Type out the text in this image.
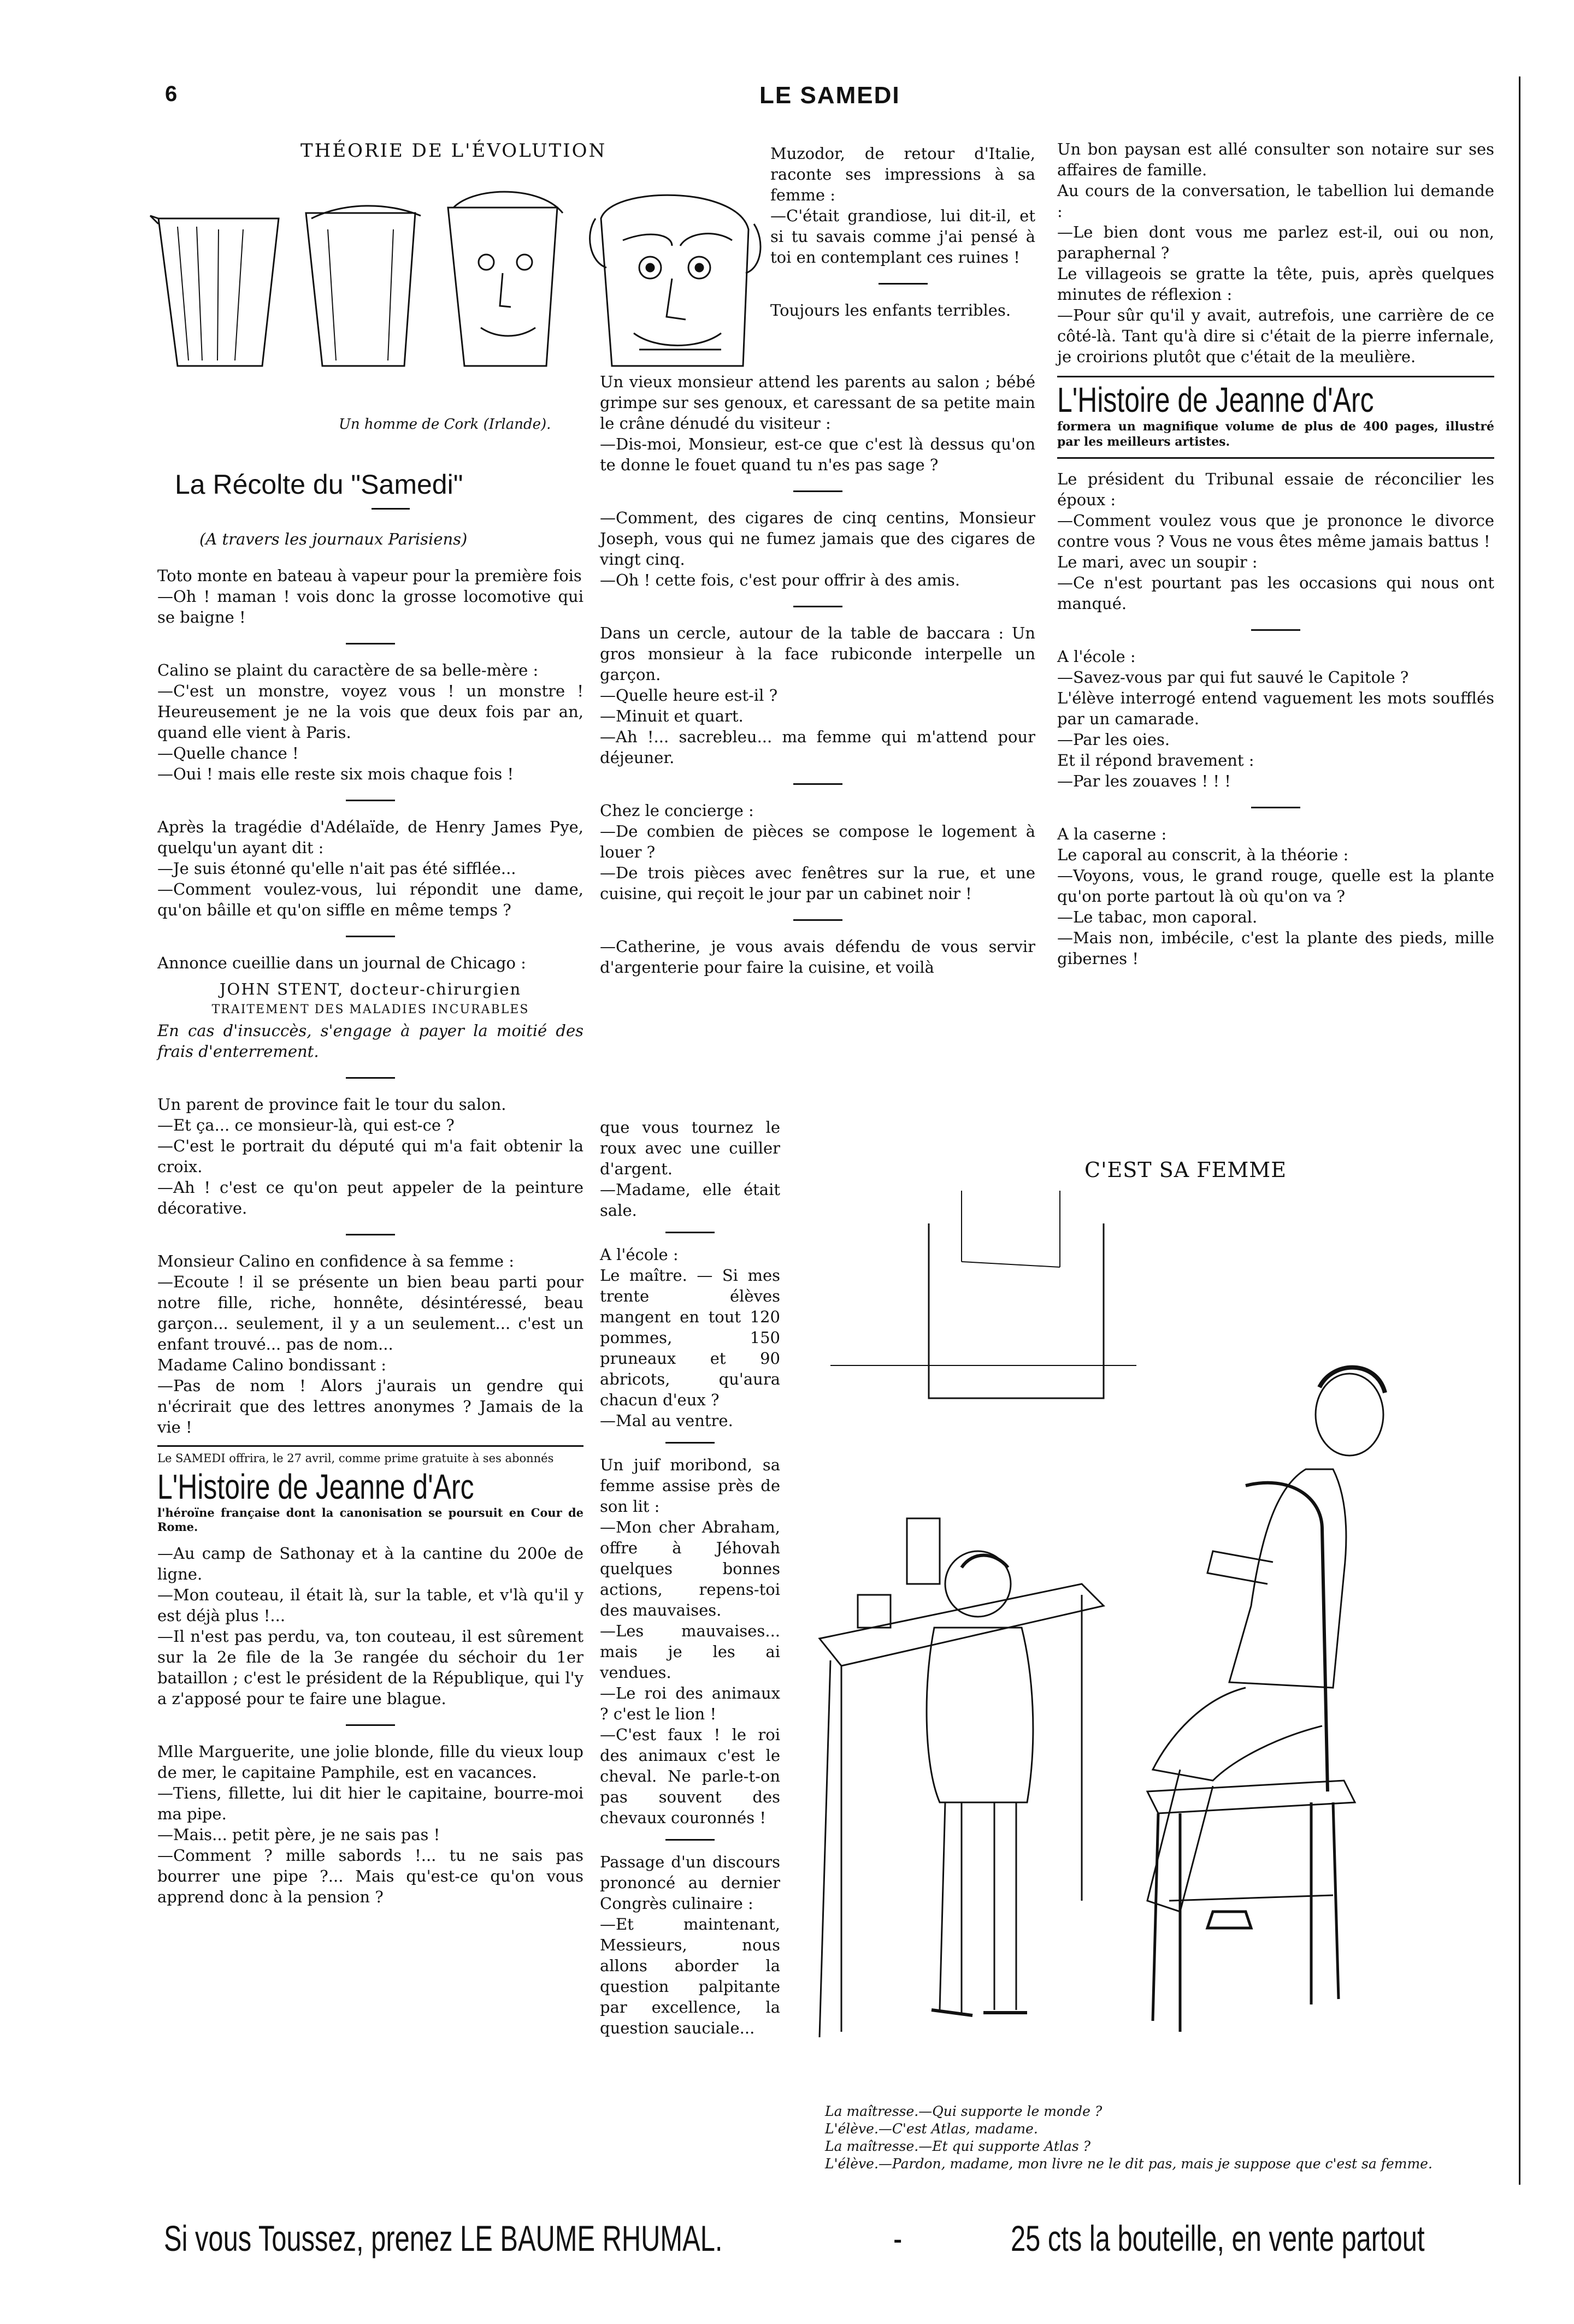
6	LE SAMEDI
THÉORIE DE L'ÉVOLUTION
Un homme de Cork (Irlande).
La Récolte du "Samedi"
(A travers les journaux Parisiens)

Toto monte en bateau à vapeur pour la première fois

—Oh ! maman ! vois donc la grosse locomotive qui se baigne !

Calino se plaint du caractère de sa belle-mère :

—C'est un monstre, voyez vous ! un monstre ! Heureusement je ne la vois que deux fois par an, quand elle vient à Paris.

—Quelle chance !

—Oui ! mais elle reste six mois chaque fois !

Après la tragédie d'Adélaïde, de Henry James Pye, quelqu'un ayant dit :

—Je suis étonné qu'elle n'ait pas été sifflée...

—Comment voulez-vous, lui répondit une dame, qu'on bâille et qu'on siffle en même temps ?

Annonce cueillie dans un journal de Chicago :

JOHN STENT, docteur-chirurgien

TRAITEMENT DES MALADIES INCURABLES

En cas d'insuccès, s'engage à payer la moitié des frais d'enterrement.

Un parent de province fait le tour du salon.

—Et ça... ce monsieur-là, qui est-ce ?

—C'est le portrait du député qui m'a fait obtenir la croix.

—Ah ! c'est ce qu'on peut appeler de la peinture décorative.

Monsieur Calino en confidence à sa femme :

—Ecoute ! il se présente un bien beau parti pour notre fille, riche, honnête, désintéressé, beau garçon... seulement, il y a un seulement... c'est un enfant trouvé... pas de nom...

Madame Calino bondissant :

—Pas de nom ! Alors j'aurais un gendre qui n'écrirait que des lettres anonymes ? Jamais de la vie !

Le SAMEDI offrira, le 27 avril, comme prime gratuite à ses abonnés

L'Histoire de Jeanne d'Arc

l'héroïne française dont la canonisation se poursuit en Cour de Rome.

—Au camp de Sathonay et à la cantine du 200e de ligne.

—Mon couteau, il était là, sur la table, et v'là qu'il y est déjà plus !...

—Il n'est pas perdu, va, ton couteau, il est sûrement sur la 2e file de la 3e rangée du séchoir du 1er bataillon ; c'est le président de la République, qui l'y a z'apposé pour te faire une blague.

Mlle Marguerite, une jolie blonde, fille du vieux loup de mer, le capitaine Pamphile, est en vacances.

—Tiens, fillette, lui dit hier le capitaine, bourre-moi ma pipe.

—Mais... petit père, je ne sais pas !

—Comment ? mille sabords !... tu ne sais pas bourrer une pipe ?... Mais qu'est-ce qu'on vous apprend donc à la pension ?

Muzodor, de retour d'Italie, raconte ses impressions à sa femme :

—C'était grandiose, lui dit-il, et si tu savais comme j'ai pensé à toi en contemplant ces ruines !

Toujours les enfants terribles.

Un vieux monsieur attend les parents au salon ; bébé grimpe sur ses genoux, et caressant de sa petite main le crâne dénudé du visiteur :

—Dis-moi, Monsieur, est-ce que c'est là dessus qu'on te donne le fouet quand tu n'es pas sage ?

—Comment, des cigares de cinq centins, Monsieur Joseph, vous qui ne fumez jamais que des cigares de vingt cinq.

—Oh ! cette fois, c'est pour offrir à des amis.

Dans un cercle, autour de la table de baccara : Un gros monsieur à la face rubiconde interpelle un garçon.

—Quelle heure est-il ?

—Minuit et quart.

—Ah !... sacrebleu... ma femme qui m'attend pour déjeuner.

Chez le concierge :

—De combien de pièces se compose le logement à louer ?

—De trois pièces avec fenêtres sur la rue, et une cuisine, qui reçoit le jour par un cabinet noir !

—Catherine, je vous avais défendu de vous servir d'argenterie pour faire la cuisine, et voilà

que vous tournez le roux avec une cuiller d'argent.

—Madame, elle était sale.

A l'école :

Le maître. — Si mes trente élèves mangent en tout 120 pommes, 150 pruneaux et 90 abricots, qu'aura chacun d'eux ?

—Mal au ventre.

Un juif moribond, sa femme assise près de son lit :

—Mon cher Abraham, offre à Jéhovah quelques bonnes actions, repens-toi des mauvaises.

—Les mauvaises... mais je les ai vendues.

—Le roi des animaux ? c'est le lion !

—C'est faux ! le roi des animaux c'est le cheval. Ne parle-t-on pas souvent des chevaux couronnés !

Passage d'un discours prononcé au dernier Congrès culinaire :

—Et maintenant, Messieurs, nous allons aborder la question palpitante par excellence, la question sauciale...

Un bon paysan est allé consulter son notaire sur ses affaires de famille.

Au cours de la conversation, le tabellion lui demande :

—Le bien dont vous me parlez est-il, oui ou non, paraphernal ?

Le villageois se gratte la tête, puis, après quelques minutes de réflexion :

—Pour sûr qu'il y avait, autrefois, une carrière de ce côté-là. Tant qu'à dire si c'était de la pierre infernale, je croirions plutôt que c'était de la meulière.

L'Histoire de Jeanne d'Arc

formera un magnifique volume de plus de 400 pages, illustré par les meilleurs artistes.

Le président du Tribunal essaie de réconcilier les époux :

—Comment voulez vous que je prononce le divorce contre vous ? Vous ne vous êtes même jamais battus !

Le mari, avec un soupir :

—Ce n'est pourtant pas les occasions qui nous ont manqué.

A l'école :

—Savez-vous par qui fut sauvé le Capitole ?

L'élève interrogé entend vaguement les mots soufflés par un camarade.

—Par les oies.

Et il répond bravement :

—Par les zouaves ! ! !

A la caserne :

Le caporal au conscrit, à la théorie :

—Voyons, vous, le grand rouge, quelle est la plante qu'on porte partout là où qu'on va ?

—Le tabac, mon caporal.

—Mais non, imbécile, c'est la plante des pieds, mille gibernes !

C'EST SA FEMME
La maîtresse.—Qui supporte le monde ?
L'élève.—C'est Atlas, madame.
La maîtresse.—Et qui supporte Atlas ?
L'élève.—Pardon, madame, mon livre ne le dit pas, mais je suppose que c'est sa femme.
Si vous Toussez, prenez LE BAUME RHUMAL.	-	25 cts la bouteille, en vente partout
